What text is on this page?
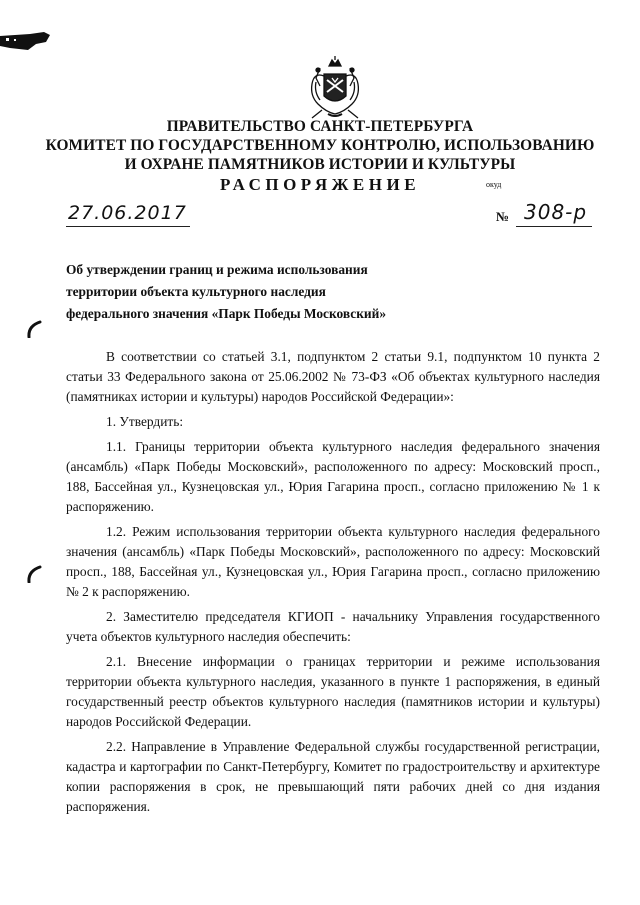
ПРАВИТЕЛЬСТВО САНКТ-ПЕТЕРБУРГА
КОМИТЕТ ПО ГОСУДАРСТВЕННОМУ КОНТРОЛЮ, ИСПОЛЬЗОВАНИЮ
И ОХРАНЕ ПАМЯТНИКОВ ИСТОРИИ И КУЛЬТУРЫ
РАСПОРЯЖЕНИЕ	окуд
27.06.2017	№ 308-р
Об утверждении границ и режима использования
территории объекта культурного наследия
федерального значения «Парк Победы Московский»

В соответствии со статьей 3.1, подпунктом 2 статьи 9.1, подпунктом 10 пункта 2 статьи 33 Федерального закона от 25.06.2002 № 73-ФЗ «Об объектах культурного наследия (памятниках истории и культуры) народов Российской Федерации»:

1. Утвердить:

1.1. Границы территории объекта культурного наследия федерального значения (ансамбль) «Парк Победы Московский», расположенного по адресу: Московский просп., 188, Бассейная ул., Кузнецовская ул., Юрия Гагарина просп., согласно приложению № 1 к распоряжению.

1.2. Режим использования территории объекта культурного наследия федерального значения (ансамбль) «Парк Победы Московский», расположенного по адресу: Московский просп., 188, Бассейная ул., Кузнецовская ул., Юрия Гагарина просп., согласно приложению № 2 к распоряжению.

2. Заместителю председателя КГИОП - начальнику Управления государственного учета объектов культурного наследия обеспечить:

2.1. Внесение информации о границах территории и режиме использования территории объекта культурного наследия, указанного в пункте 1 распоряжения, в единый государственный реестр объектов культурного наследия (памятников истории и культуры) народов Российской Федерации.

2.2. Направление в Управление Федеральной службы государственной регистрации, кадастра и картографии по Санкт-Петербургу, Комитет по градостроительству и архитектуре копии распоряжения в срок, не превышающий пяти рабочих дней со дня издания распоряжения.
